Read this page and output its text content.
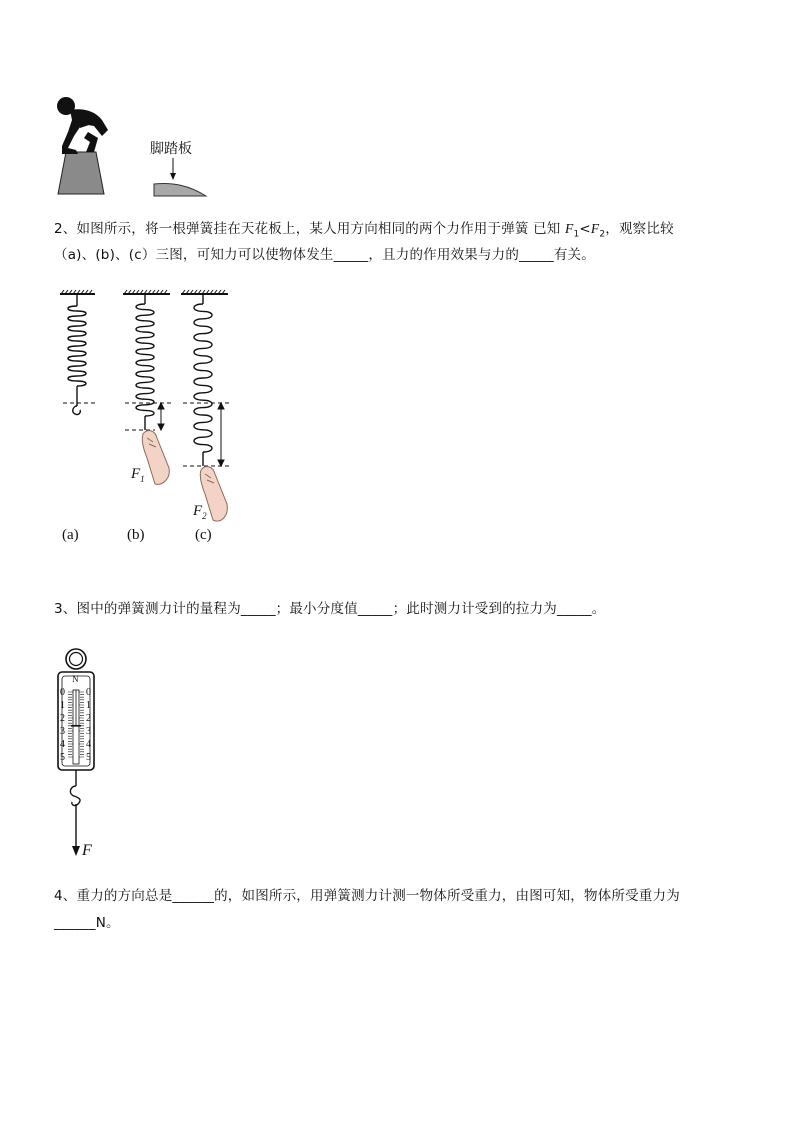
脚踏板
2、如图所示，将一根弹簧挂在天花板上，某人用方向相同的两个力作用于弹簧 已知 $F_1<F_2$，观察比较
（a)、(b)、(c）三图，可知力可以使物体发生_____，且力的作用效果与力的_____有关。
$F_1$
$F_2$
(a)	(b)	(c)
3、图中的弹簧测力计的量程为_____；最小分度值_____；此时测力计受到的拉力为_____。
N
0
1
2
3
4
5
0
1
2
3
4
5
F
4、重力的方向总是______的，如图所示，用弹簧测力计测一物体所受重力，由图可知，物体所受重力为
______N。
